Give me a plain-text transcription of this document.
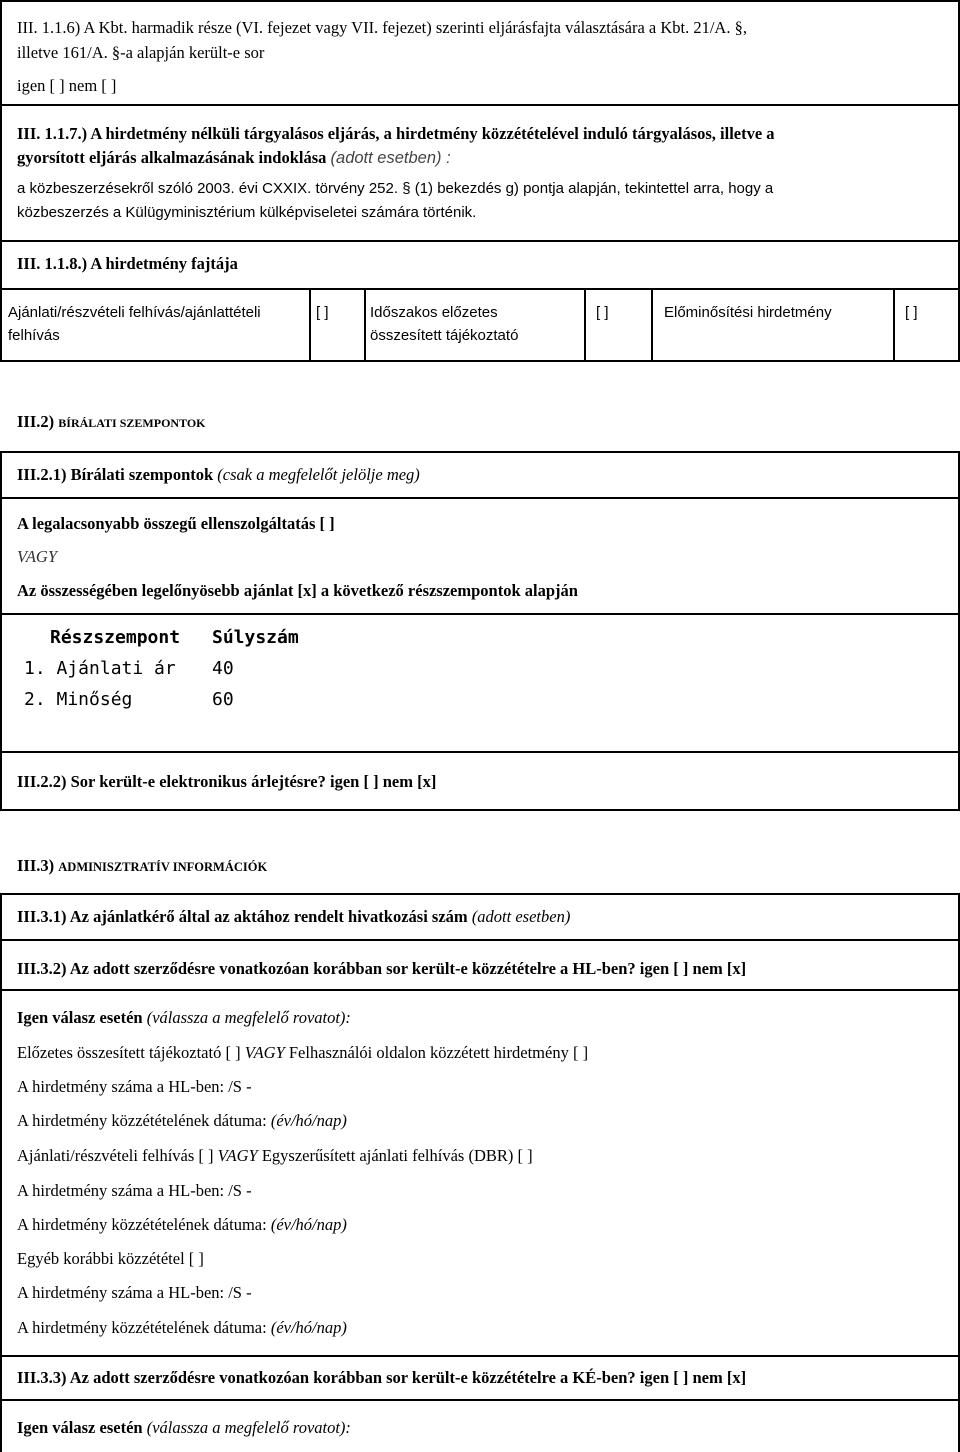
III. 1.1.6) A Kbt. harmadik része (VI. fejezet vagy VII. fejezet) szerinti eljárásfajta választására a Kbt. 21/A. §,
illetve 161/A. §-a alapján került-e sor
igen [ ] nem [ ]
III. 1.1.7.) A hirdetmény nélküli tárgyalásos eljárás, a hirdetmény közzétételével induló tárgyalásos, illetve a
gyorsított eljárás alkalmazásának indoklása (adott esetben) :
a közbeszerzésekről szóló 2003. évi CXXIX. törvény 252. § (1) bekezdés g) pontja alapján, tekintettel arra, hogy a
közbeszerzés a Külügyminisztérium külképviseletei számára történik.
III. 1.1.8.) A hirdetmény fajtája
Ajánlati/részvételi felhívás/ajánlattételi
felhívás
[ ]	Időszakos előzetes
összesített tájékoztató
[ ]	Előminősítési hirdetmény	[ ]
III.2) BÍRÁLATI SZEMPONTOK
III.2.1) Bírálati szempontok (csak a megfelelőt jelölje meg)
A legalacsonyabb összegű ellenszolgáltatás [ ]
VAGY
Az összességében legelőnyösebb ajánlat [x] a következő részszempontok alapján
Részszempont Súlyszám
1. Ajánlati ár 40
2. Minőség	60
III.2.2) Sor került-e elektronikus árlejtésre? igen [ ] nem [x]
III.3) ADMINISZTRATÍV INFORMÁCIÓK
III.3.1) Az ajánlatkérő által az aktához rendelt hivatkozási szám (adott esetben)
III.3.2) Az adott szerződésre vonatkozóan korábban sor került-e közzétételre a HL-ben? igen [ ] nem [x]
Igen válasz esetén (válassza a megfelelő rovatot):
Előzetes összesített tájékoztató [ ] VAGY Felhasználói oldalon közzétett hirdetmény [ ]
A hirdetmény száma a HL-ben: /S -
A hirdetmény közzétételének dátuma: (év/hó/nap)
Ajánlati/részvételi felhívás [ ] VAGY Egyszerűsített ajánlati felhívás (DBR) [ ]
A hirdetmény száma a HL-ben: /S -
A hirdetmény közzétételének dátuma: (év/hó/nap)
Egyéb korábbi közzététel [ ]
A hirdetmény száma a HL-ben: /S -
A hirdetmény közzétételének dátuma: (év/hó/nap)
III.3.3) Az adott szerződésre vonatkozóan korábban sor került-e közzétételre a KÉ-ben? igen [ ] nem [x]
Igen válasz esetén (válassza a megfelelő rovatot):
